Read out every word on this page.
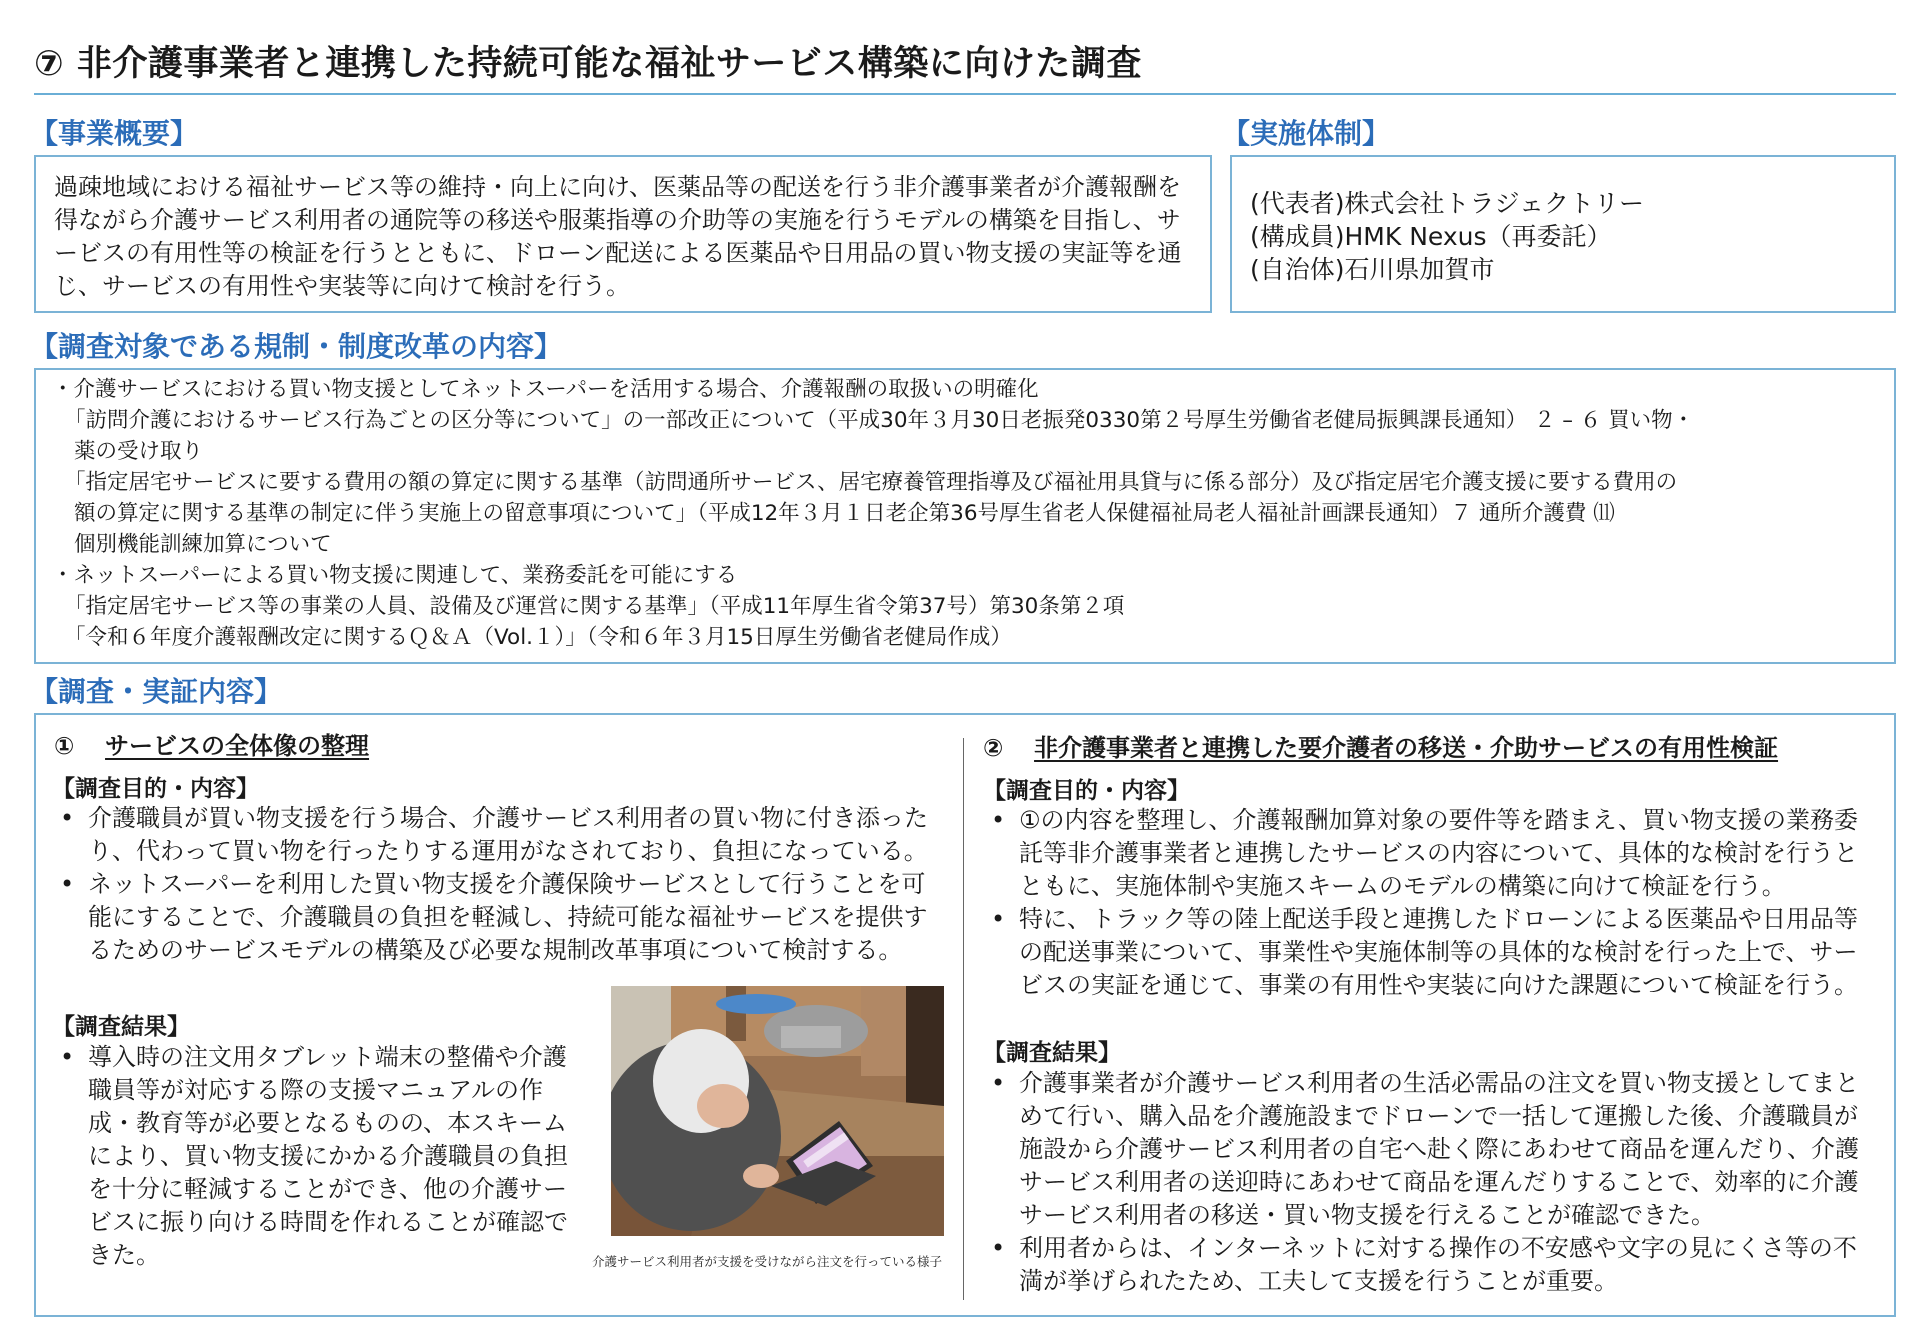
⑦ 非介護事業者と連携した持続可能な福祉サービス構築に向けた調査
【事業概要】
過疎地域における福祉サービス等の維持・向上に向け、医薬品等の配送を行う非介護事業者が介護報酬を得ながら介護サービス利用者の通院等の移送や服薬指導の介助等の実施を行うモデルの構築を目指し、サービスの有用性等の検証を行うとともに、ドローン配送による医薬品や日用品の買い物支援の実証等を通じ、サービスの有用性や実装等に向けて検討を行う。
【実施体制】
(代表者)株式会社トラジェクトリー
(構成員)HMK Nexus（再委託）
(自治体)石川県加賀市
【調査対象である規制・制度改革の内容】
・介護サービスにおける買い物支援としてネットスーパーを活用する場合、介護報酬の取扱いの明確化
「訪問介護におけるサービス行為ごとの区分等について」の一部改正について（平成30年３月30日老振発0330第２号厚生労働省老健局振興課長通知） ２ – ６ 買い物・
薬の受け取り
「指定居宅サービスに要する費用の額の算定に関する基準（訪問通所サービス、居宅療養管理指導及び福祉用具貸与に係る部分）及び指定居宅介護支援に要する費用の
額の算定に関する基準の制定に伴う実施上の留意事項について」（平成12年３月１日老企第36号厚生省老人保健福祉局老人福祉計画課長通知）７ 通所介護費 ⑾
個別機能訓練加算について
・ネットスーパーによる買い物支援に関連して、業務委託を可能にする
「指定居宅サービス等の事業の人員、設備及び運営に関する基準」（平成11年厚生省令第37号）第30条第２項
「令和６年度介護報酬改定に関するＱ＆Ａ（Vol.１）」（令和６年３月15日厚生労働省老健局作成）
【調査・実証内容】
① サービスの全体像の整理
【調査目的・内容】
• 介護職員が買い物支援を行う場合、介護サービス利用者の買い物に付き添ったり、代わって買い物を行ったりする運用がなされており、負担になっている。
• ネットスーパーを利用した買い物支援を介護保険サービスとして行うことを可能にすることで、介護職員の負担を軽減し、持続可能な福祉サービスを提供するためのサービスモデルの構築及び必要な規制改革事項について検討する。
【調査結果】
• 導入時の注文用タブレット端末の整備や介護職員等が対応する際の支援マニュアルの作成・教育等が必要となるものの、本スキームにより、買い物支援にかかる介護職員の負担を十分に軽減することができ、他の介護サービスに振り向ける時間を作れることが確認できた。	介護サービス利用者が支援を受けながら注文を行っている様子
② 非介護事業者と連携した要介護者の移送・介助サービスの有用性検証
【調査目的・内容】
• ①の内容を整理し、介護報酬加算対象の要件等を踏まえ、買い物支援の業務委託等非介護事業者と連携したサービスの内容について、具体的な検討を行うとともに、実施体制や実施スキームのモデルの構築に向けて検証を行う。
• 特に、トラック等の陸上配送手段と連携したドローンによる医薬品や日用品等の配送事業について、事業性や実施体制等の具体的な検討を行った上で、サービスの実証を通じて、事業の有用性や実装に向けた課題について検証を行う。
【調査結果】
• 介護事業者が介護サービス利用者の生活必需品の注文を買い物支援としてまとめて行い、購入品を介護施設までドローンで一括して運搬した後、介護職員が施設から介護サービス利用者の自宅へ赴く際にあわせて商品を運んだり、介護サービス利用者の送迎時にあわせて商品を運んだりすることで、効率的に介護サービス利用者の移送・買い物支援を行えることが確認できた。
• 利用者からは、インターネットに対する操作の不安感や文字の見にくさ等の不満が挙げられたため、工夫して支援を行うことが重要。
